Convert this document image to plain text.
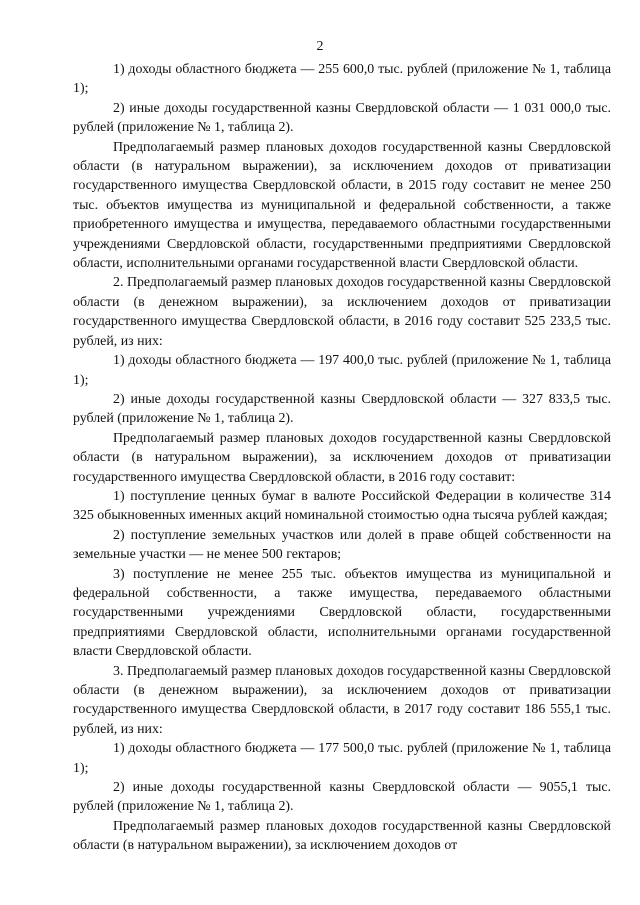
2

1) доходы областного бюджета — 255 600,0 тыс. рублей (приложение № 1, таблица 1);

2) иные доходы государственной казны Свердловской области — 1 031 000,0 тыс. рублей (приложение № 1, таблица 2).

Предполагаемый размер плановых доходов государственной казны Свердловской области (в натуральном выражении), за исключением доходов от приватизации государственного имущества Свердловской области, в 2015 году составит не менее 250 тыс. объектов имущества из муниципальной и федеральной собственности, а также приобретенного имущества и имущества, передаваемого областными государственными учреждениями Свердловской области, государственными предприятиями Свердловской области, исполнительными органами государственной власти Свердловской области.

2. Предполагаемый размер плановых доходов государственной казны Свердловской области (в денежном выражении), за исключением доходов от приватизации государственного имущества Свердловской области, в 2016 году составит 525 233,5 тыс. рублей, из них:

1) доходы областного бюджета — 197 400,0 тыс. рублей (приложение № 1, таблица 1);

2) иные доходы государственной казны Свердловской области — 327 833,5 тыс. рублей (приложение № 1, таблица 2).

Предполагаемый размер плановых доходов государственной казны Свердловской области (в натуральном выражении), за исключением доходов от приватизации государственного имущества Свердловской области, в 2016 году составит:

1) поступление ценных бумаг в валюте Российской Федерации в количестве 314 325 обыкновенных именных акций номинальной стоимостью одна тысяча рублей каждая;

2) поступление земельных участков или долей в праве общей собственности на земельные участки — не менее 500 гектаров;

3) поступление не менее 255 тыс. объектов имущества из муниципальной и федеральной собственности, а также имущества, передаваемого областными государственными учреждениями Свердловской области, государственными предприятиями Свердловской области, исполнительными органами государственной власти Свердловской области.

3. Предполагаемый размер плановых доходов государственной казны Свердловской области (в денежном выражении), за исключением доходов от приватизации государственного имущества Свердловской области, в 2017 году составит 186 555,1 тыс. рублей, из них:

1) доходы областного бюджета — 177 500,0 тыс. рублей (приложение № 1, таблица 1);

2) иные доходы государственной казны Свердловской области — 9055,1 тыс. рублей (приложение № 1, таблица 2).

Предполагаемый размер плановых доходов государственной казны Свердловской области (в натуральном выражении), за исключением доходов от
